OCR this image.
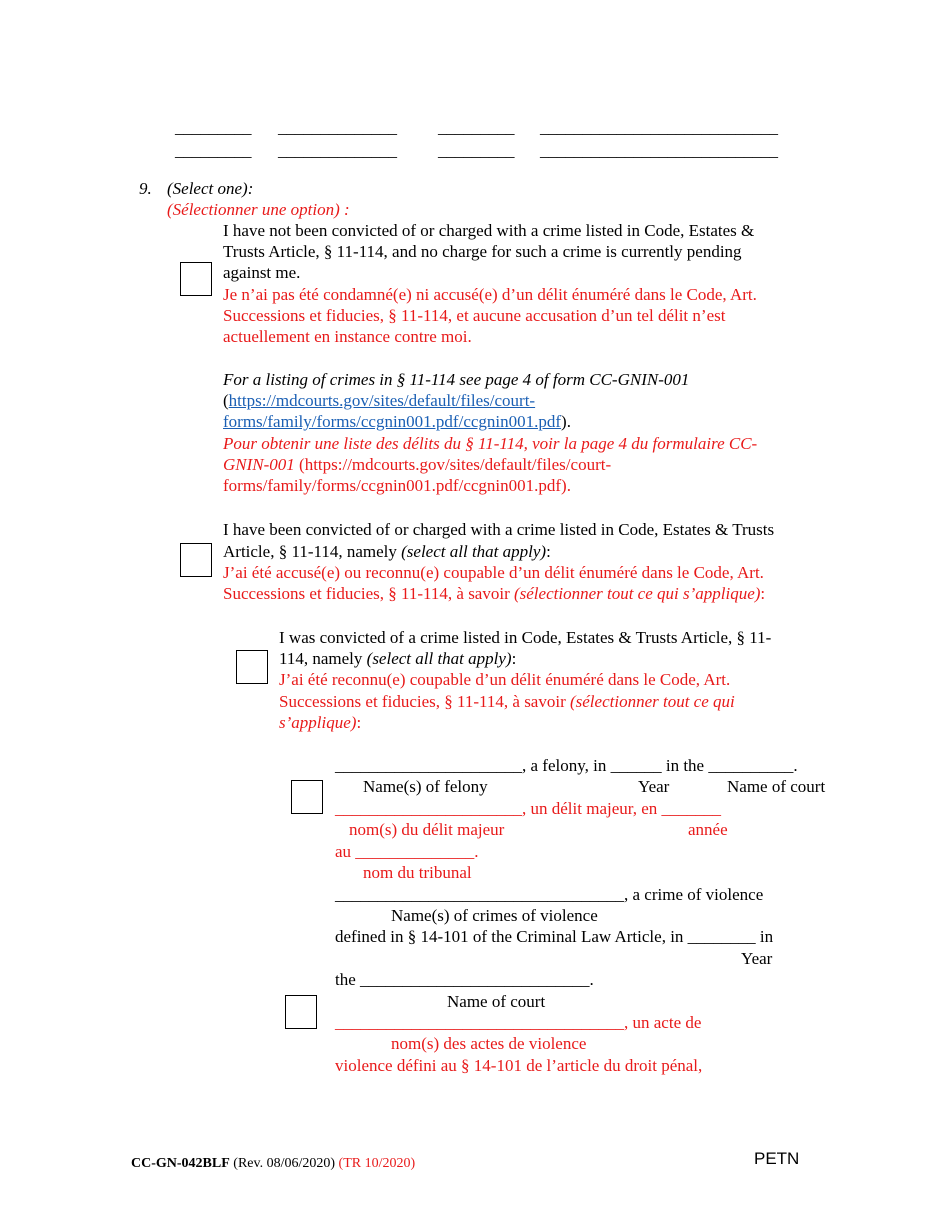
_________ ______________ _________ ____________________________
_________ ______________ _________ ____________________________
9. (Select one):
(Sélectionner une option) :
I have not been convicted of or charged with a crime listed in Code, Estates &
Trusts Article, § 11-114, and no charge for such a crime is currently pending
against me.
Je n’ai pas été condamné(e) ni accusé(e) d’un délit énuméré dans le Code, Art.
Successions et fiducies, § 11-114, et aucune accusation d’un tel délit n’est
actuellement en instance contre moi.
For a listing of crimes in § 11-114 see page 4 of form CC-GNIN-001
(https://mdcourts.gov/sites/default/files/court-
forms/family/forms/ccgnin001.pdf/ccgnin001.pdf).
Pour obtenir une liste des délits du § 11-114, voir la page 4 du formulaire CC-
GNIN-001 (https://mdcourts.gov/sites/default/files/court-
forms/family/forms/ccgnin001.pdf/ccgnin001.pdf).
I have been convicted of or charged with a crime listed in Code, Estates & Trusts
Article, § 11-114, namely (select all that apply):
J’ai été accusé(e) ou reconnu(e) coupable d’un délit énuméré dans le Code, Art.
Successions et fiducies, § 11-114, à savoir (sélectionner tout ce qui s’applique):
I was convicted of a crime listed in Code, Estates & Trusts Article, § 11-
114, namely (select all that apply):
J’ai été reconnu(e) coupable d’un délit énuméré dans le Code, Art.
Successions et fiducies, § 11-114, à savoir (sélectionner tout ce qui
s’applique):
______________________, a felony, in ______ in the __________.
Name(s) of felony	Year	Name of court
______________________, un délit majeur, en _______
nom(s) du délit majeur	année
au ______________.
nom du tribunal
__________________________________, a crime of violence
Name(s) of crimes of violence
defined in § 14-101 of the Criminal Law Article, in ________ in
Year
the ___________________________.
Name of court
__________________________________, un acte de
nom(s) des actes de violence
violence défini au § 14-101 de l’article du droit pénal,
CC-GN-042BLF (Rev. 08/06/2020) (TR 10/2020)	PETN
